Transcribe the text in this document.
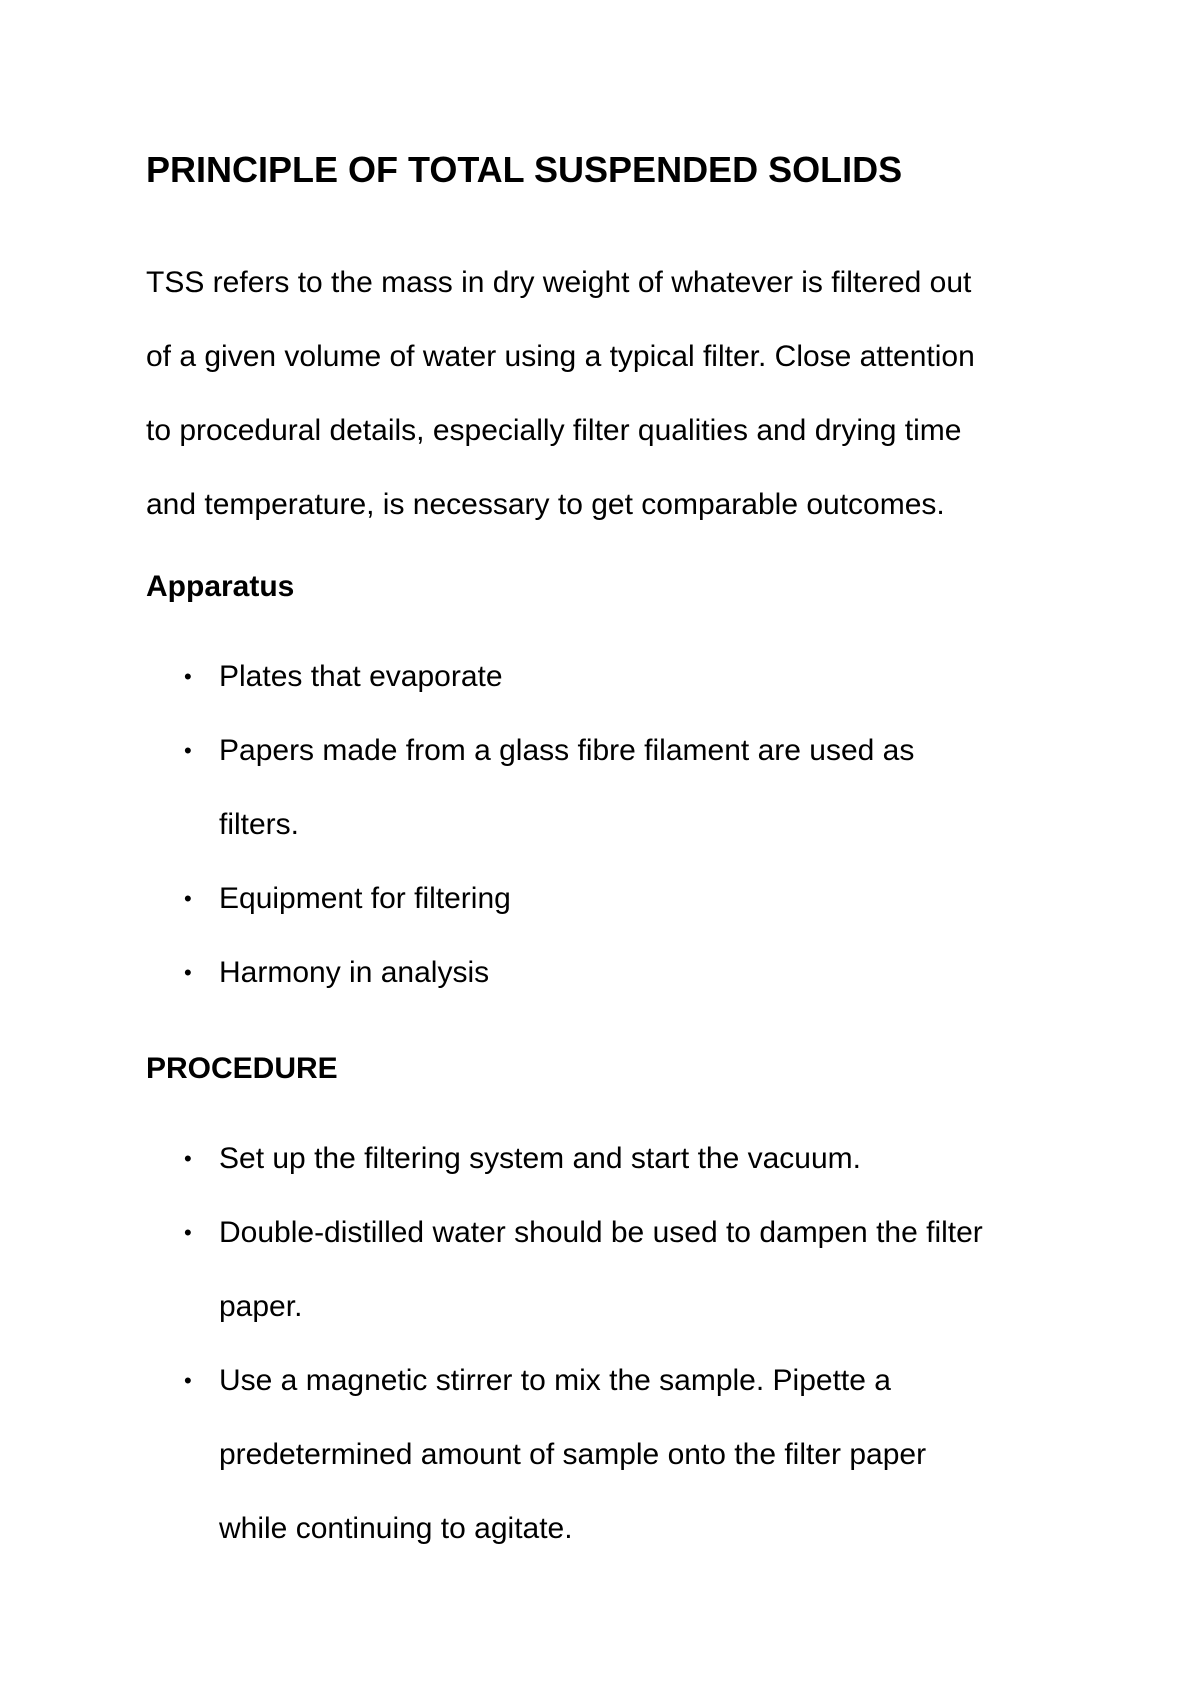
PRINCIPLE OF TOTAL SUSPENDED SOLIDS
TSS refers to the mass in dry weight of whatever is filtered out
of a given volume of water using a typical filter. Close attention
to procedural details, especially filter qualities and drying time
and temperature, is necessary to get comparable outcomes.
Apparatus
• Plates that evaporate
• Papers made from a glass fibre filament are used as
filters.
• Equipment for filtering
• Harmony in analysis
PROCEDURE
• Set up the filtering system and start the vacuum.
• Double-distilled water should be used to dampen the filter
paper.
• Use a magnetic stirrer to mix the sample. Pipette a
predetermined amount of sample onto the filter paper
while continuing to agitate.
